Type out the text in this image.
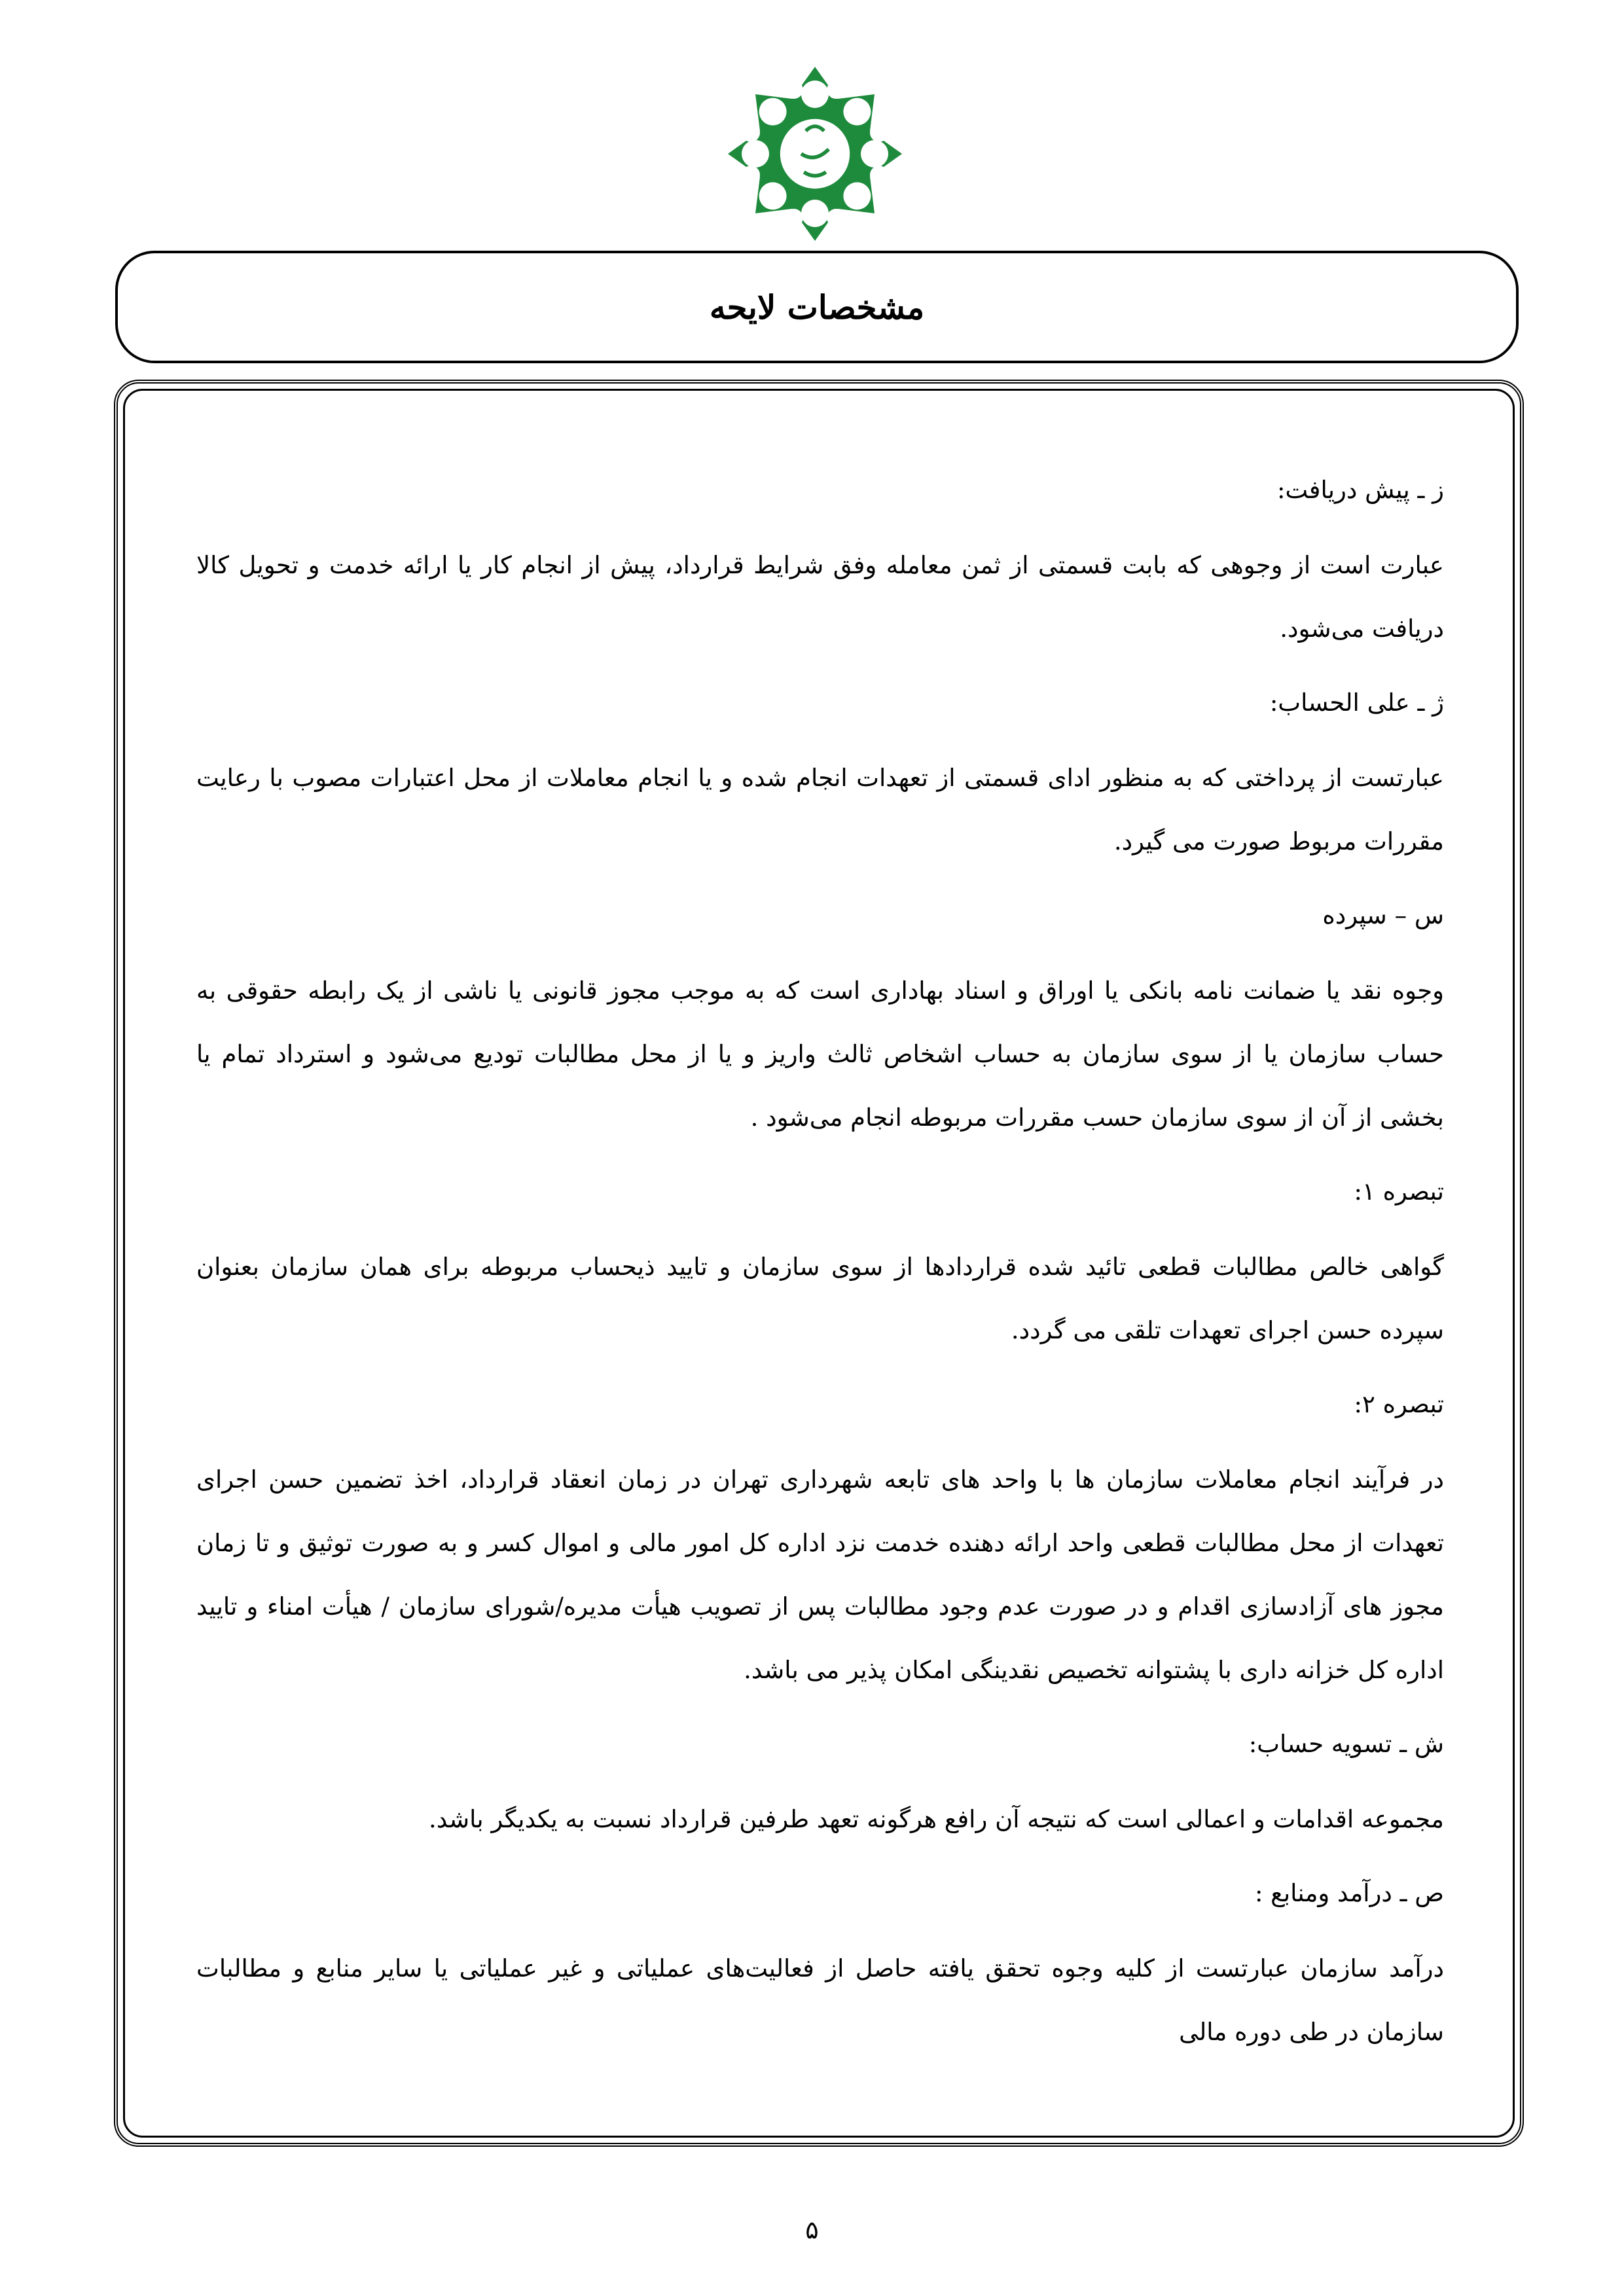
مشخصات لایحه

ز ـ پیش دریافت:

عبارت است از وجوهی که بابت قسمتی از ثمن معامله وفق شرایط قرارداد، پیش از انجام کار یا ارائه خدمت و تحویل کالا دریافت می‌شود.

ژ ـ علی الحساب:

عبارتست از پرداختی که به منظور ادای قسمتی از تعهدات انجام شده و یا انجام معاملات از محل اعتبارات مصوب با رعایت مقررات مربوط صورت می گیرد.

س – سپرده

وجوه نقد یا ضمانت نامه بانکی یا اوراق و اسناد بهاداری است که به موجب مجوز قانونی یا ناشی از یک رابطه حقوقی به حساب سازمان یا از سوی سازمان به حساب اشخاص ثالث واریز و یا از محل مطالبات تودیع می‌شود و استرداد تمام یا بخشی از آن از سوی سازمان حسب مقررات مربوطه انجام می‌شود .

تبصره ۱:

گواهی خالص مطالبات قطعی تائید شده قراردادها از سوی سازمان و تایید ذیحساب مربوطه برای همان سازمان بعنوان سپرده حسن اجرای تعهدات تلقی می گردد.

تبصره ۲:

در فرآیند انجام معاملات سازمان ها با واحد های تابعه شهرداری تهران در زمان انعقاد قرارداد، اخذ تضمین حسن اجرای تعهدات از محل مطالبات قطعی واحد ارائه دهنده خدمت نزد اداره کل امور مالی و اموال کسر و به صورت توثیق و تا زمان مجوز های آزادسازی اقدام و در صورت عدم وجود مطالبات پس از تصویب هیأت مدیره/شورای سازمان / هیأت امناء و تایید اداره کل خزانه داری با پشتوانه تخصیص نقدینگی امکان پذیر می باشد.

ش ـ تسویه حساب:

مجموعه اقدامات و اعمالی است که نتیجه آن رافع هرگونه تعهد طرفین قرارداد نسبت به یکدیگر باشد.

ص ـ درآمد ومنابع :

درآمد سازمان عبارتست از کلیه وجوه تحقق یافته حاصل از فعالیت‌های عملیاتی و غیر عملیاتی یا سایر منابع و مطالبات سازمان در طی دوره مالی

۵
